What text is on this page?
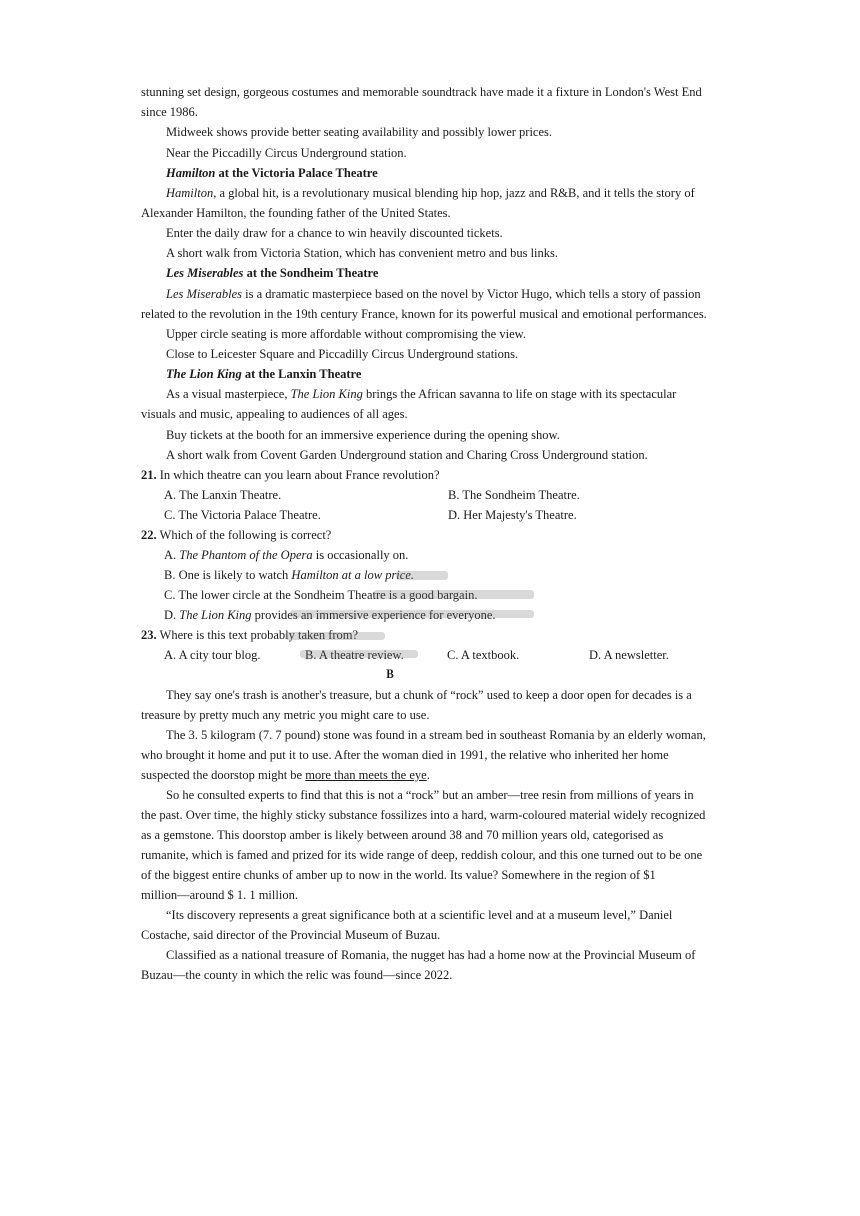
stunning set design, gorgeous costumes and memorable soundtrack have made it a fixture in London's West End
since 1986.
Midweek shows provide better seating availability and possibly lower prices.
Near the Piccadilly Circus Underground station.
Hamilton at the Victoria Palace Theatre
Hamilton, a global hit, is a revolutionary musical blending hip hop, jazz and R&B, and it tells the story of
Alexander Hamilton, the founding father of the United States.
Enter the daily draw for a chance to win heavily discounted tickets.
A short walk from Victoria Station, which has convenient metro and bus links.
Les Miserables at the Sondheim Theatre
Les Miserables is a dramatic masterpiece based on the novel by Victor Hugo, which tells a story of passion
related to the revolution in the 19th century France, known for its powerful musical and emotional performances.
Upper circle seating is more affordable without compromising the view.
Close to Leicester Square and Piccadilly Circus Underground stations.
The Lion King at the Lanxin Theatre
As a visual masterpiece, The Lion King brings the African savanna to life on stage with its spectacular
visuals and music, appealing to audiences of all ages.
Buy tickets at the booth for an immersive experience during the opening show.
A short walk from Covent Garden Underground station and Charing Cross Underground station.
21. In which theatre can you learn about France revolution?
A. The Lanxin Theatre.	B. The Sondheim Theatre.
C. The Victoria Palace Theatre.	D. Her Majesty's Theatre.
22. Which of the following is correct?
A. The Phantom of the Opera is occasionally on.
B. One is likely to watch Hamilton at a low price.
C. The lower circle at the Sondheim Theatre is a good bargain.
D. The Lion King provides an immersive experience for everyone.
23. Where is this text probably taken from?
A. A city tour blog.	B. A theatre review.	C. A textbook.	D. A newsletter.
B
They say one's trash is another's treasure, but a chunk of “rock” used to keep a door open for decades is a
treasure by pretty much any metric you might care to use.
The 3. 5 kilogram (7. 7 pound) stone was found in a stream bed in southeast Romania by an elderly woman,
who brought it home and put it to use. After the woman died in 1991, the relative who inherited her home
suspected the doorstop might be more than meets the eye.
So he consulted experts to find that this is not a “rock” but an amber—tree resin from millions of years in
the past. Over time, the highly sticky substance fossilizes into a hard, warm-coloured material widely recognized
as a gemstone. This doorstop amber is likely between around 38 and 70 million years old, categorised as
rumanite, which is famed and prized for its wide range of deep, reddish colour, and this one turned out to be one
of the biggest entire chunks of amber up to now in the world. Its value? Somewhere in the region of $1
million—around $ 1. 1 million.
“Its discovery represents a great significance both at a scientific level and at a museum level,” Daniel
Costache, said director of the Provincial Museum of Buzau.
Classified as a national treasure of Romania, the nugget has had a home now at the Provincial Museum of
Buzau—the county in which the relic was found—since 2022.
